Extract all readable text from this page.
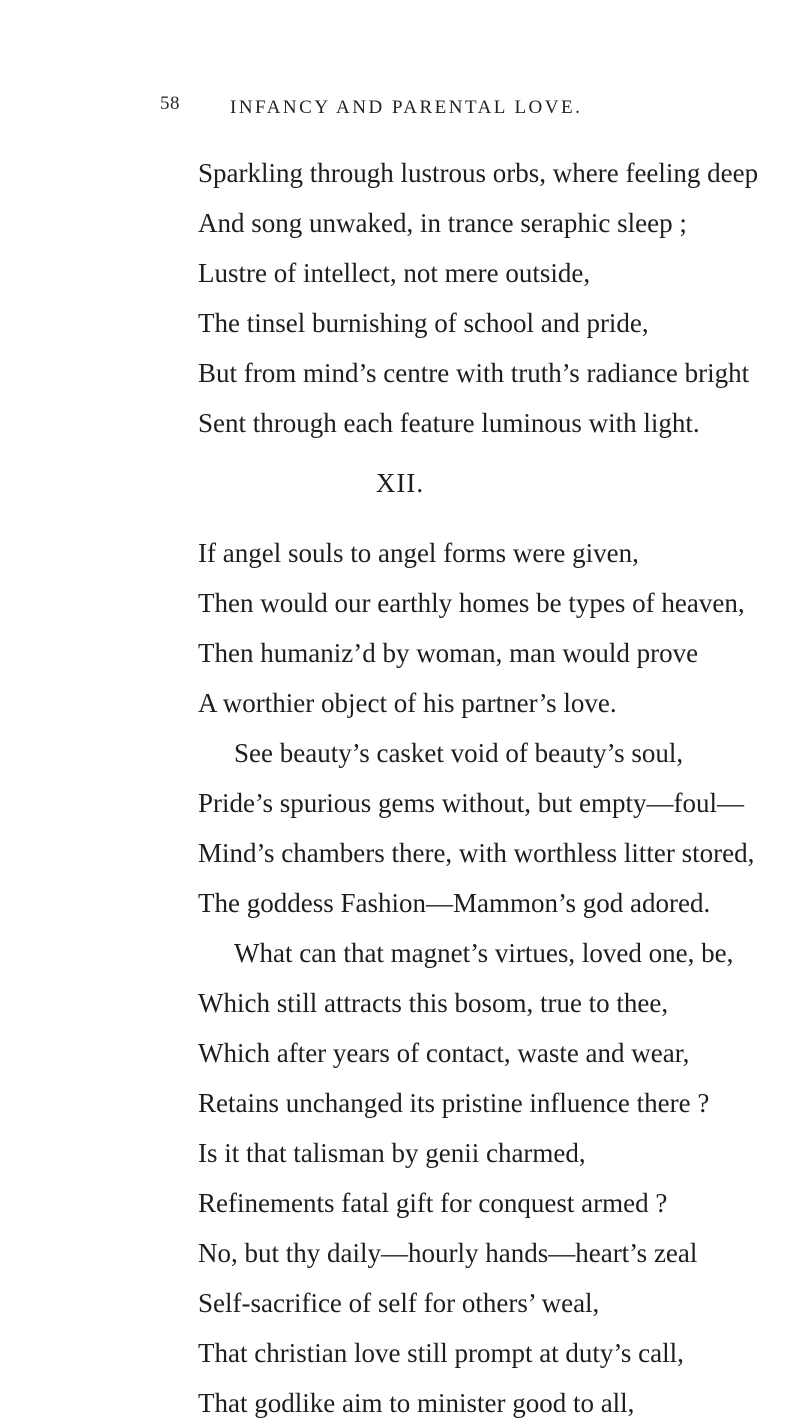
58	INFANCY AND PARENTAL LOVE.
Sparkling through lustrous orbs, where feeling deep
And song unwaked, in trance seraphic sleep ;
Lustre of intellect, not mere outside,
The tinsel burnishing of school and pride,
But from mind’s centre with truth’s radiance bright
Sent through each feature luminous with light.
XII.
If angel souls to angel forms were given,
Then would our earthly homes be types of heaven,
Then humaniz’d by woman, man would prove
A worthier object of his partner’s love.
See beauty’s casket void of beauty’s soul,
Pride’s spurious gems without, but empty—foul—
Mind’s chambers there, with worthless litter stored,
The goddess Fashion—Mammon’s god adored.
What can that magnet’s virtues, loved one, be,
Which still attracts this bosom, true to thee,
Which after years of contact, waste and wear,
Retains unchanged its pristine influence there ?
Is it that talisman by genii charmed,
Refinements fatal gift for conquest armed ?
No, but thy daily—hourly hands—heart’s zeal
Self-sacrifice of self for others’ weal,
That christian love still prompt at duty’s call,
That godlike aim to minister good to all,
